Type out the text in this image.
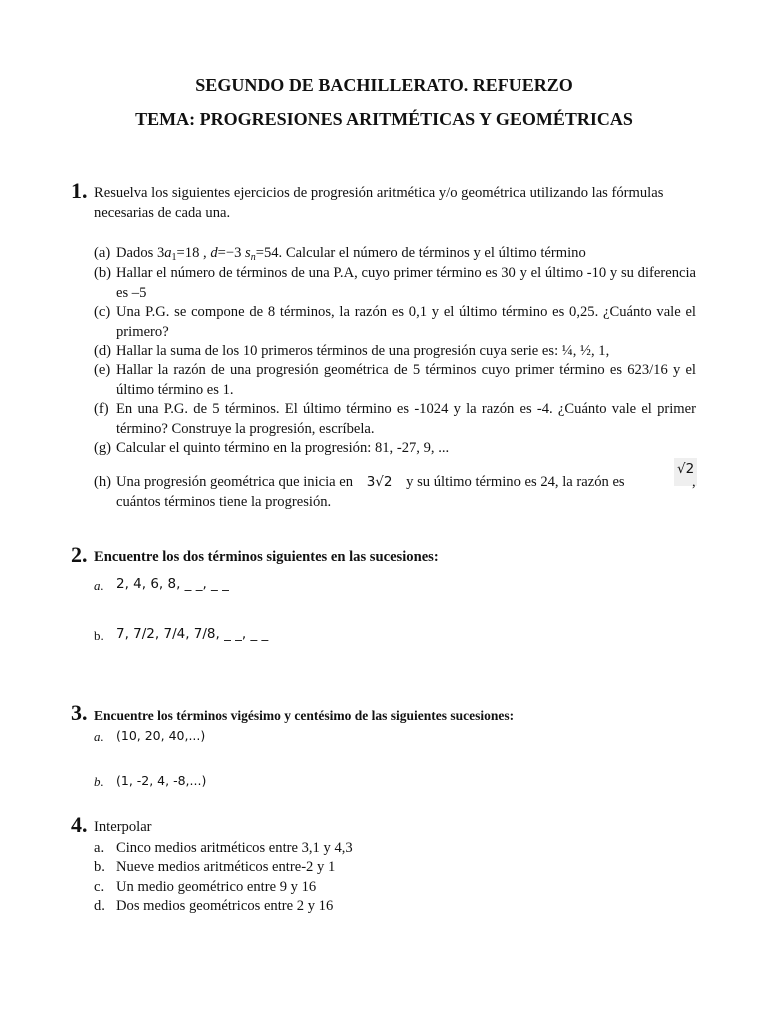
SEGUNDO DE BACHILLERATO. REFUERZO
TEMA: PROGRESIONES ARITMÉTICAS Y GEOMÉTRICAS
1. Resuelva los siguientes ejercicios de progresión aritmética y/o geométrica utilizando las fórmulas necesarias de cada una.
(a) Dados $3a_1=18$ , d=−3 $s_n=54$. Calcular el número de términos y el último término
(b) Hallar el número de términos de una P.A, cuyo primer término es 30 y el último -10 y su diferencia es –5
(c) Una P.G. se compone de 8 términos, la razón es 0,1 y el último término es 0,25. ¿Cuánto vale el primero?
(d) Hallar la suma de los 10 primeros términos de una progresión cuya serie es: ¼, ½, 1,
(e) Hallar la razón de una progresión geométrica de 5 términos cuyo primer término es 623/16 y el último término es 1.
(f) En una P.G. de 5 términos. El último término es -1024 y la razón es -4. ¿Cuánto vale el primer término? Construye la progresión, escríbela.
(g) Calcular el quinto término en la progresión: 81, -27, 9, ...
(h) Una progresión geométrica que inicia en 3√2 y su último término es 24, la razón es
√2
,
cuántos términos tiene la progresión.
2. Encuentre los dos términos siguientes en las sucesiones:
a. 2, 4, 6, 8, _ _, _ _
b. 7, 7/2, 7/4, 7/8, _ _, _ _
3. Encuentre los términos vigésimo y centésimo de las siguientes sucesiones:
a. (10, 20, 40,...)
b. (1, -2, 4, -8,...)
4. Interpolar
a. Cinco medios aritméticos entre 3,1 y 4,3
b. Nueve medios aritméticos entre-2 y 1
c. Un medio geométrico entre 9 y 16
d. Dos medios geométricos entre 2 y 16
